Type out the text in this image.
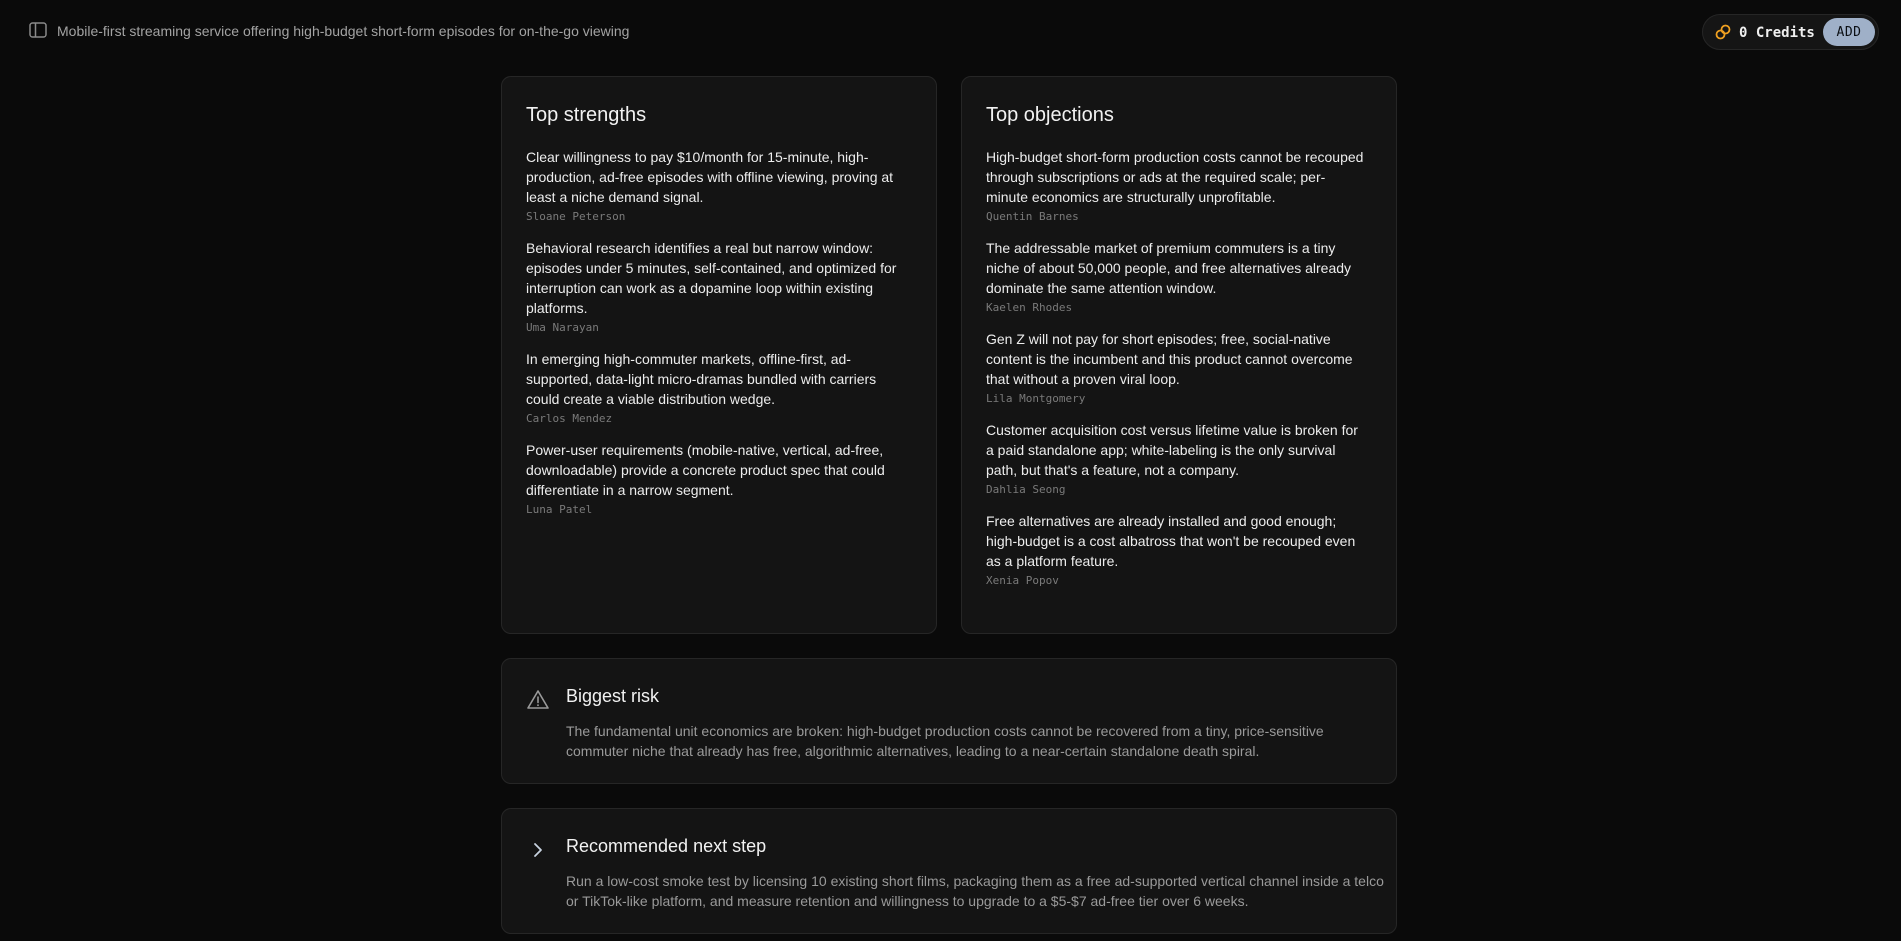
Mobile-first streaming service offering high-budget short-form episodes for on-the-go viewing	0 Credits	ADD
Top strengths
Clear willingness to pay $10/month for 15-minute, high-production, ad-free episodes with offline viewing, proving at least a niche demand signal.
Sloane Peterson
Behavioral research identifies a real but narrow window: episodes under 5 minutes, self-contained, and optimized for interruption can work as a dopamine loop within existing platforms.
Uma Narayan
In emerging high-commuter markets, offline-first, ad-supported, data-light micro-dramas bundled with carriers could create a viable distribution wedge.
Carlos Mendez
Power-user requirements (mobile-native, vertical, ad-free, downloadable) provide a concrete product spec that could differentiate in a narrow segment.
Luna Patel
Top objections
High-budget short-form production costs cannot be recouped through subscriptions or ads at the required scale; per-minute economics are structurally unprofitable.
Quentin Barnes
The addressable market of premium commuters is a tiny niche of about 50,000 people, and free alternatives already dominate the same attention window.
Kaelen Rhodes
Gen Z will not pay for short episodes; free, social-native content is the incumbent and this product cannot overcome that without a proven viral loop.
Lila Montgomery
Customer acquisition cost versus lifetime value is broken for a paid standalone app; white-labeling is the only survival path, but that's a feature, not a company.
Dahlia Seong
Free alternatives are already installed and good enough; high-budget is a cost albatross that won't be recouped even as a platform feature.
Xenia Popov
Biggest risk
The fundamental unit economics are broken: high-budget production costs cannot be recovered from a tiny, price-sensitive commuter niche that already has free, algorithmic alternatives, leading to a near-certain standalone death spiral.
Recommended next step
Run a low-cost smoke test by licensing 10 existing short films, packaging them as a free ad-supported vertical channel inside a telco or TikTok-like platform, and measure retention and willingness to upgrade to a $5-$7 ad-free tier over 6 weeks.
